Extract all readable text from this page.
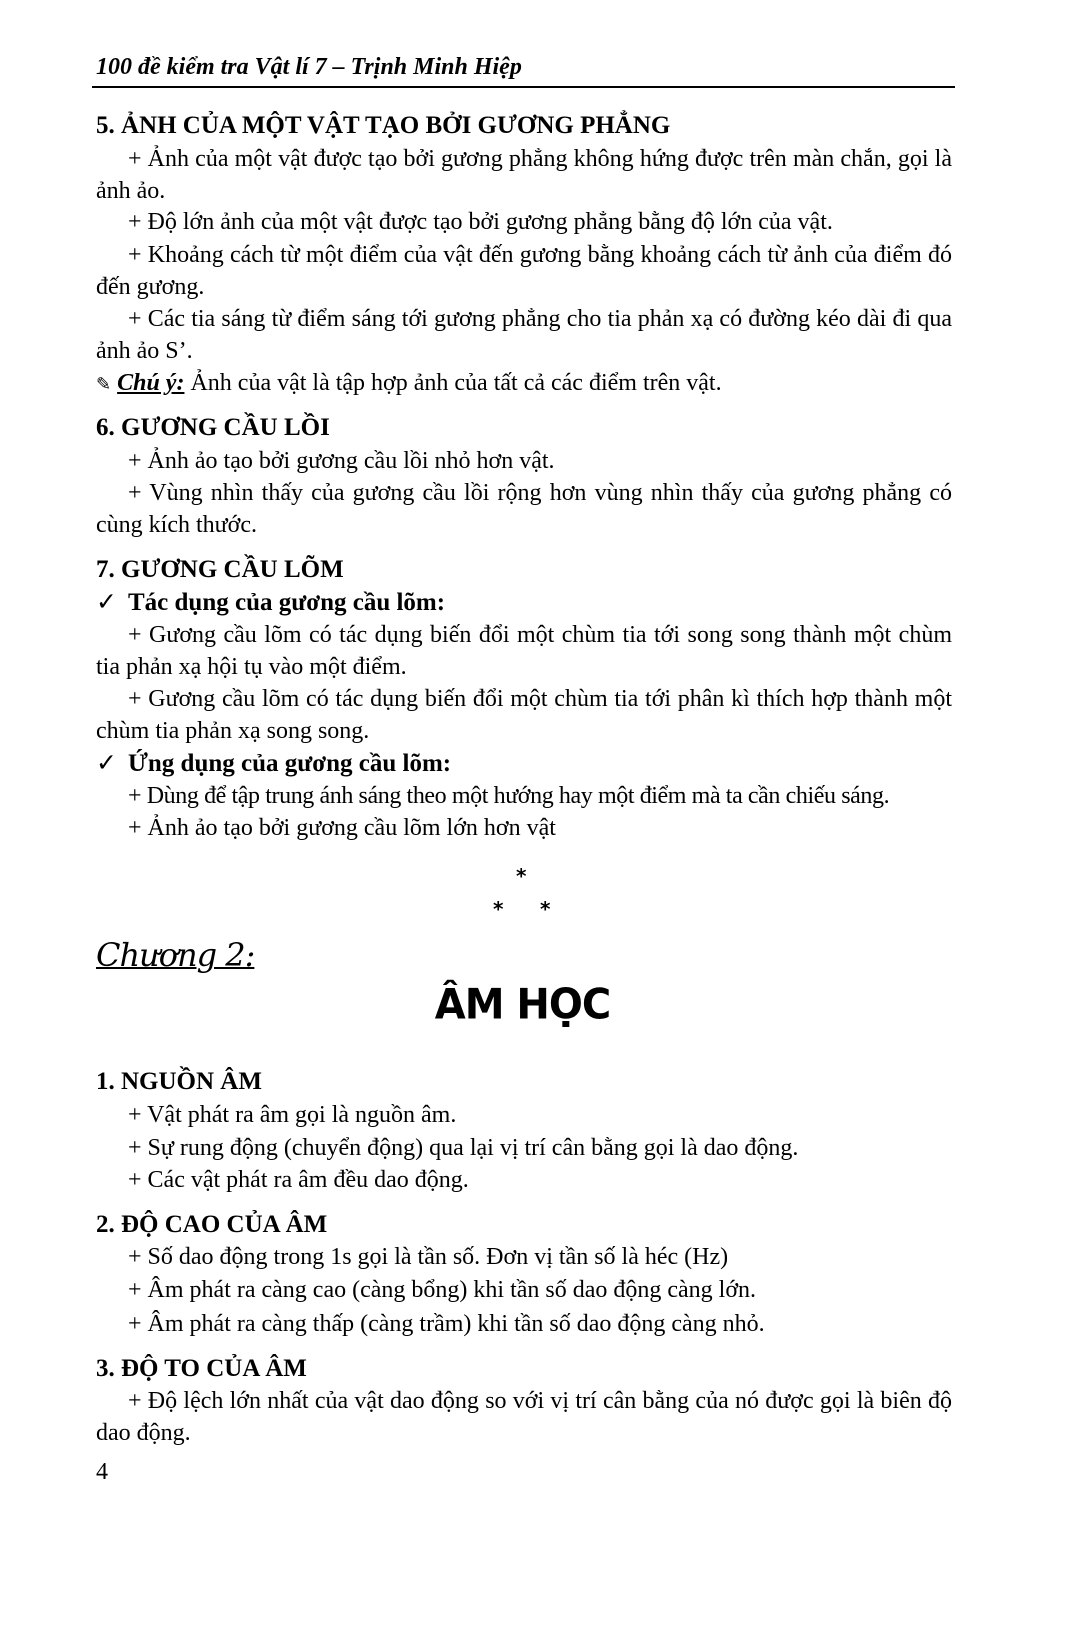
100 đề kiểm tra Vật lí 7 – Trịnh Minh Hiệp
5. ẢNH CỦA MỘT VẬT TẠO BỞI GƯƠNG PHẲNG
+ Ảnh của một vật được tạo bởi gương phẳng không hứng được trên màn chắn, gọi là ảnh ảo.
+ Độ lớn ảnh của một vật được tạo bởi gương phẳng bằng độ lớn của vật.
+ Khoảng cách từ một điểm của vật đến gương bằng khoảng cách từ ảnh của điểm đó đến gương.
+ Các tia sáng từ điểm sáng tới gương phẳng cho tia phản xạ có đường kéo dài đi qua ảnh ảo S’.
✎ Chú ý: Ảnh của vật là tập hợp ảnh của tất cả các điểm trên vật.
6. GƯƠNG CẦU LỒI
+ Ảnh ảo tạo bởi gương cầu lồi nhỏ hơn vật.
+ Vùng nhìn thấy của gương cầu lồi rộng hơn vùng nhìn thấy của gương phẳng có cùng kích thước.
7. GƯƠNG CẦU LÕM
✓ Tác dụng của gương cầu lõm:
+ Gương cầu lõm có tác dụng biến đổi một chùm tia tới song song thành một chùm tia phản xạ hội tụ vào một điểm.
+ Gương cầu lõm có tác dụng biến đổi một chùm tia tới phân kì thích hợp thành một chùm tia phản xạ song song.
✓ Ứng dụng của gương cầu lõm:
+ Dùng để tập trung ánh sáng theo một hướng hay một điểm mà ta cần chiếu sáng.
+ Ảnh ảo tạo bởi gương cầu lõm lớn hơn vật
*
* *
Chương 2:
ÂM HỌC
1. NGUỒN ÂM
+ Vật phát ra âm gọi là nguồn âm.
+ Sự rung động (chuyển động) qua lại vị trí cân bằng gọi là dao động.
+ Các vật phát ra âm đều dao động.
2. ĐỘ CAO CỦA ÂM
+ Số dao động trong 1s gọi là tần số. Đơn vị tần số là héc (Hz)
+ Âm phát ra càng cao (càng bổng) khi tần số dao động càng lớn.
+ Âm phát ra càng thấp (càng trầm) khi tần số dao động càng nhỏ.
3. ĐỘ TO CỦA ÂM
+ Độ lệch lớn nhất của vật dao động so với vị trí cân bằng của nó được gọi là biên độ dao động.
4
